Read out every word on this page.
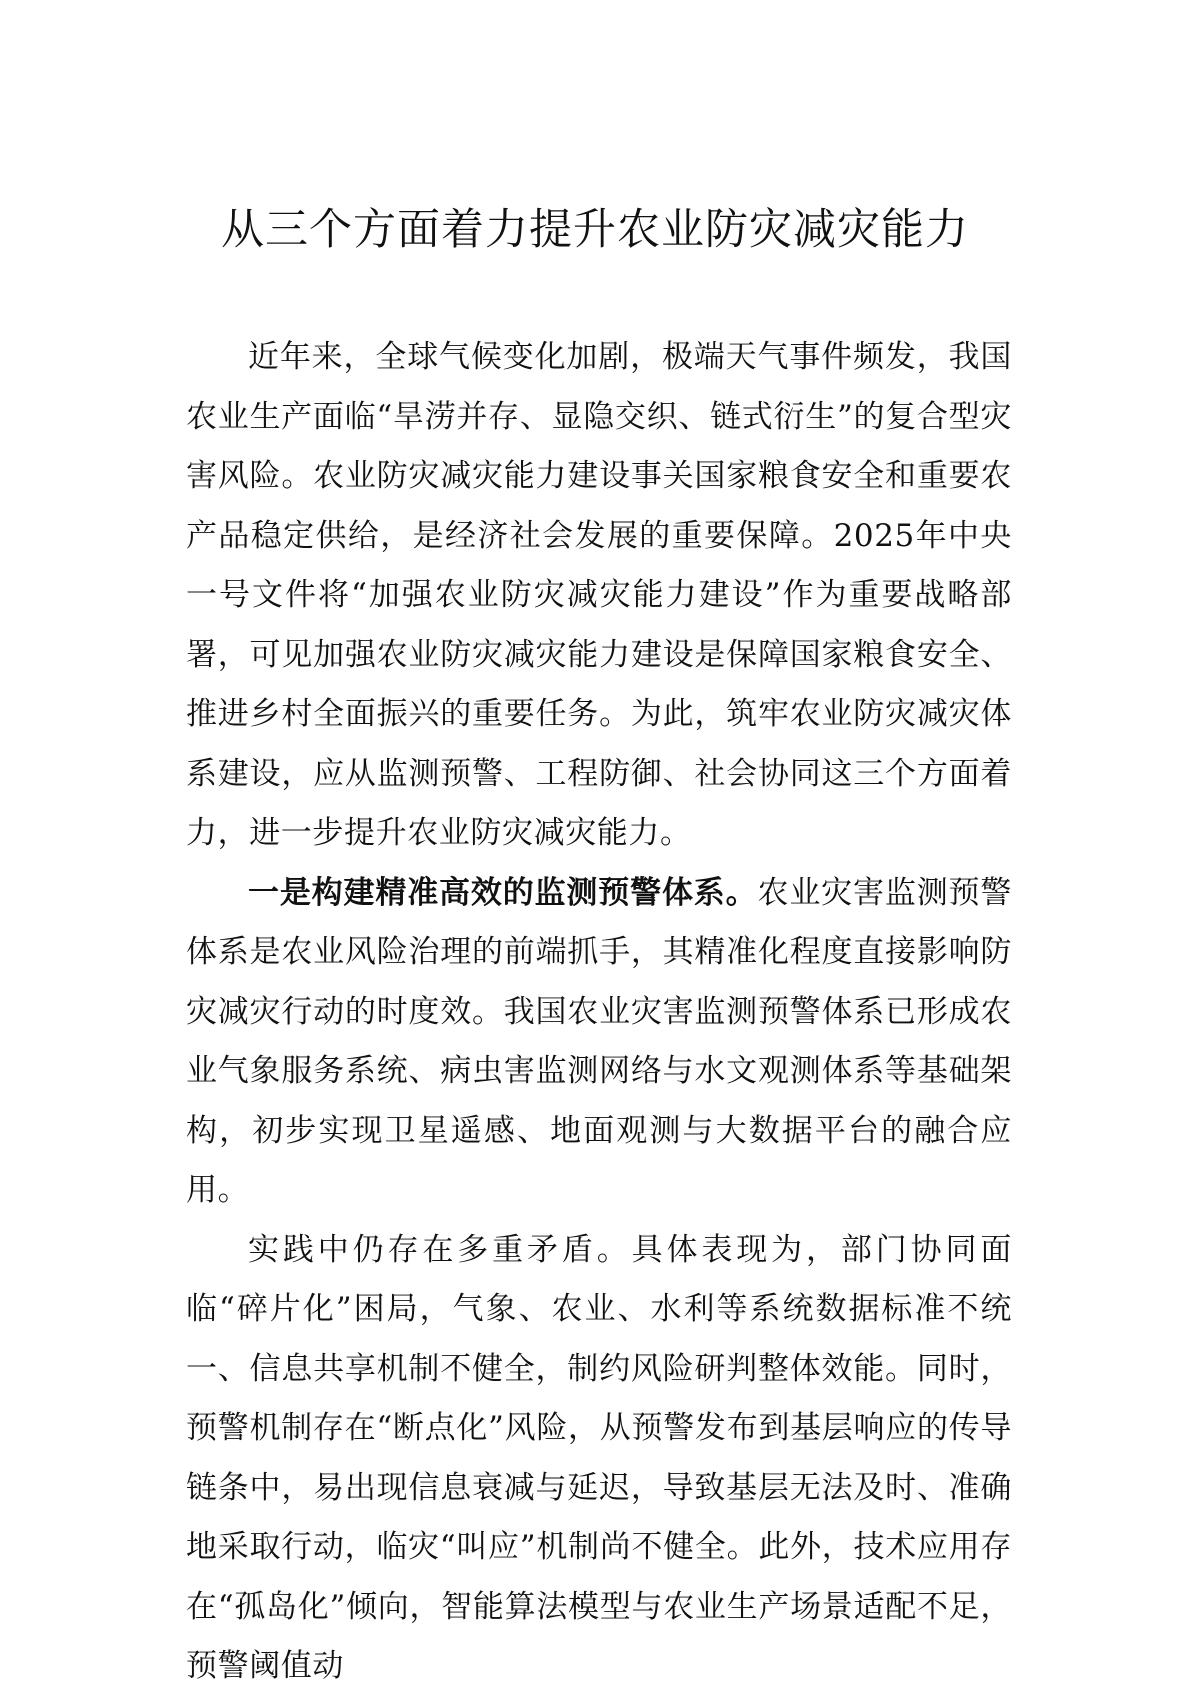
从三个方面着力提升农业防灾减灾能力

近年来，全球气候变化加剧，极端天气事件频发，我国农业生产面临“旱涝并存、显隐交织、链式衍生”的复合型灾害风险。农业防灾减灾能力建设事关国家粮食安全和重要农产品稳定供给，是经济社会发展的重要保障。2025年中央一号文件将“加强农业防灾减灾能力建设”作为重要战略部署，可见加强农业防灾减灾能力建设是保障国家粮食安全、推进乡村全面振兴的重要任务。为此，筑牢农业防灾减灾体系建设，应从监测预警、工程防御、社会协同这三个方面着力，进一步提升农业防灾减灾能力。

一是构建精准高效的监测预警体系。农业灾害监测预警体系是农业风险治理的前端抓手，其精准化程度直接影响防灾减灾行动的时度效。我国农业灾害监测预警体系已形成农业气象服务系统、病虫害监测网络与水文观测体系等基础架构，初步实现卫星遥感、地面观测与大数据平台的融合应用。

实践中仍存在多重矛盾。具体表现为，部门协同面临“碎片化”困局，气象、农业、水利等系统数据标准不统一、信息共享机制不健全，制约风险研判整体效能。同时，预警机制存在“断点化”风险，从预警发布到基层响应的传导链条中，易出现信息衰减与延迟，导致基层无法及时、准确地采取行动，临灾“叫应”机制尚不健全。此外，技术应用存在“孤岛化”倾向，智能算法模型与农业生产场景适配不足，预警阈值动
